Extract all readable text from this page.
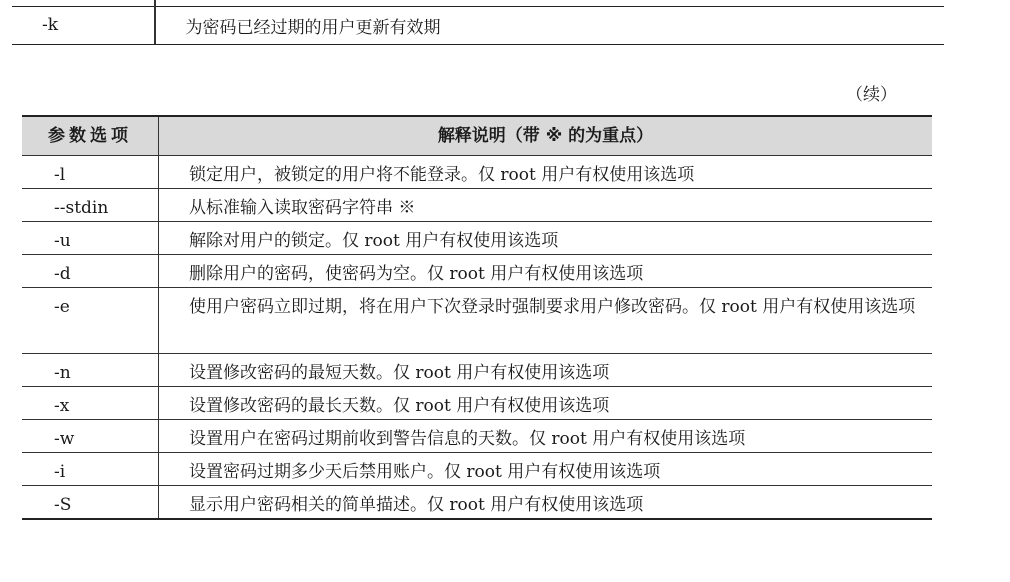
-k	为密码已经过期的用户更新有效期
（续）
参数选项	解释说明（带 ※ 的为重点）
-l	锁定用户，被锁定的用户将不能登录。仅 root 用户有权使用该选项
--stdin	从标准输入读取密码字符串 ※
-u	解除对用户的锁定。仅 root 用户有权使用该选项
-d	删除用户的密码，使密码为空。仅 root 用户有权使用该选项
-e	使用户密码立即过期，将在用户下次登录时强制要求用户修改密码。仅 root 用户有权使用该选项
-n	设置修改密码的最短天数。仅 root 用户有权使用该选项
-x	设置修改密码的最长天数。仅 root 用户有权使用该选项
-w	设置用户在密码过期前收到警告信息的天数。仅 root 用户有权使用该选项
-i	设置密码过期多少天后禁用账户。仅 root 用户有权使用该选项
-S	显示用户密码相关的简单描述。仅 root 用户有权使用该选项
